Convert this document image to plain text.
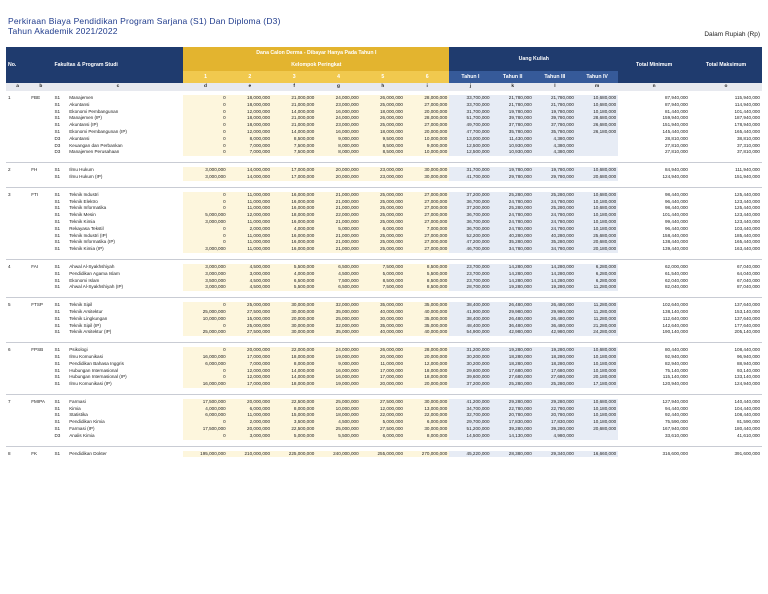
Perkiraan Biaya Pendidikan Program Sarjana (S1) Dan Diploma (D3)
Tahun Akademik 2021/2022	Dalam Rupiah (Rp)
No.		Fakultas & Program Studi		Dana Calon Derma - Dibayar Hanya Pada Tahun I						Uang Kuliah				Total Minimum	Total Maksimum
				Kelompok Peringkat											
				1	2	3	4	5	6	Tahun I	Tahun II	Tahun III	Tahun IV		
a	b	c		d	e	f	g	h	i	j	k	l	m	n	o

1	FBE	S1	Manajemen	0	18,000,000	21,000,000	24,000,000	26,000,000	28,000,000	33,700,000	21,780,000	21,780,000	10,680,000	87,940,000	115,940,000
		S1	Akuntansi	0	18,000,000	21,000,000	23,000,000	25,000,000	27,000,000	33,700,000	21,780,000	21,780,000	10,680,000	87,940,000	114,940,000
		S1	Ekonomi Pembangunan	0	12,000,000	14,000,000	16,000,000	18,000,000	20,000,000	31,700,000	19,780,000	19,780,000	10,180,000	81,440,000	101,440,000
		S1	Manajemen (IP)	0	18,000,000	21,000,000	24,000,000	26,000,000	28,000,000	51,700,000	39,780,000	39,780,000	28,680,000	159,940,000	187,940,000
		S1	Akuntansi (IP)	0	18,000,000	21,000,000	23,000,000	25,000,000	27,000,000	49,700,000	37,780,000	37,780,000	26,680,000	151,940,000	178,940,000
		S1	Ekonomi Pembangunan (IP)	0	12,000,000	14,000,000	16,000,000	18,000,000	20,000,000	47,700,000	35,780,000	35,780,000	26,180,000	145,440,000	165,440,000
		D3	Akuntansi	0	8,000,000	8,500,000	9,000,000	9,500,000	10,000,000	13,000,000	11,430,000	4,380,000		28,810,000	38,810,000
		D3	Keuangan dan Perbankan	0	7,000,000	7,500,000	8,000,000	8,500,000	9,000,000	12,500,000	10,930,000	4,380,000		27,810,000	37,310,000
		D3	Manajemen Perusahaan	0	7,000,000	7,500,000	8,000,000	8,500,000	10,000,000	12,500,000	10,930,000	4,380,000		27,810,000	37,810,000

2	FH	S1	Ilmu Hukum	3,000,000	14,000,000	17,000,000	20,000,000	23,000,000	30,000,000	31,700,000	19,780,000	19,780,000	10,680,000	84,940,000	111,940,000
		S1	Ilmu Hukum (IP)	3,000,000	14,000,000	17,000,000	20,000,000	23,000,000	30,000,000	41,700,000	29,780,000	29,780,000	20,680,000	124,940,000	151,940,000

3	FTI	S1	Teknik Industri	0	11,000,000	16,000,000	21,000,000	25,000,000	27,000,000	37,200,000	25,280,000	25,280,000	10,680,000	98,440,000	125,440,000
		S1	Teknik Elektro	0	11,000,000	16,000,000	21,000,000	25,000,000	27,000,000	36,700,000	24,780,000	24,780,000	10,180,000	96,440,000	123,440,000
		S1	Teknik Informatika	0	11,000,000	16,000,000	21,000,000	25,000,000	27,000,000	37,200,000	25,280,000	25,280,000	10,680,000	98,440,000	125,440,000
		S1	Teknik Mesin	5,000,000	12,000,000	18,000,000	22,000,000	25,000,000	27,000,000	36,700,000	24,780,000	24,780,000	10,180,000	101,440,000	123,440,000
		S1	Teknik Kimia	3,000,000	11,000,000	16,000,000	21,000,000	25,000,000	27,000,000	36,700,000	24,780,000	24,780,000	10,180,000	99,440,000	123,440,000
		S1	Rekayasa Tekstil	0	2,000,000	4,000,000	5,000,000	6,000,000	7,000,000	36,700,000	24,780,000	24,780,000	10,180,000	96,440,000	103,440,000
		S1	Teknik Industri (IP)	0	11,000,000	16,000,000	21,000,000	25,000,000	27,000,000	52,200,000	40,280,000	40,280,000	25,680,000	158,440,000	185,440,000
		S1	Teknik Informatika (IP)	0	11,000,000	16,000,000	21,000,000	25,000,000	27,000,000	47,200,000	35,280,000	35,280,000	20,680,000	138,440,000	165,440,000
		S1	Teknik Kimia (IP)	3,000,000	11,000,000	16,000,000	21,000,000	25,000,000	27,000,000	46,700,000	34,780,000	34,780,000	20,180,000	139,440,000	163,440,000

4	FAI	S1	Ahwal Al-Syakhshiyah	3,000,000	4,500,000	5,500,000	6,500,000	7,500,000	8,500,000	23,700,000	14,280,000	14,280,000	6,280,000	62,000,000	67,040,000
		S1	Pendidikan Agama Islam	3,000,000	3,000,000	4,000,000	4,500,000	5,000,000	5,500,000	23,700,000	14,280,000	14,280,000	6,280,000	61,540,000	64,040,000
		S1	Ekonomi Islam	3,500,000	4,500,000	6,500,000	7,500,000	8,500,000	8,500,000	23,700,000	14,280,000	14,280,000	6,280,000	62,040,000	67,040,000
		S1	Ahwal Al-Syakhshiyah (IP)	3,000,000	4,500,000	5,500,000	6,500,000	7,500,000	8,500,000	28,700,000	19,280,000	19,280,000	11,280,000	82,040,000	87,040,000

5	FTSP	S1	Teknik Sipil	0	25,000,000	30,000,000	32,000,000	35,000,000	35,000,000	38,400,000	26,480,000	26,480,000	11,280,000	102,640,000	137,640,000
		S1	Teknik Arsitektur	25,000,000	27,500,000	30,000,000	35,000,000	40,000,000	40,000,000	41,900,000	29,980,000	29,980,000	11,280,000	138,140,000	153,140,000
		S1	Teknik Lingkungan	10,000,000	15,000,000	20,000,000	25,000,000	30,000,000	35,000,000	38,400,000	26,480,000	26,480,000	11,280,000	112,640,000	137,640,000
		S1	Teknik Sipil (IP)	0	25,000,000	30,000,000	32,000,000	35,000,000	35,000,000	48,400,000	36,480,000	36,480,000	21,280,000	142,640,000	177,640,000
		S1	Teknik Arsitektur (IP)	25,000,000	27,500,000	30,000,000	35,000,000	40,000,000	40,000,000	54,900,000	42,980,000	42,980,000	24,280,000	190,140,000	205,140,000

6	FPSB	S1	Psikologi	0	20,000,000	22,000,000	24,000,000	26,000,000	28,000,000	31,200,000	19,280,000	19,280,000	10,680,000	80,440,000	108,440,000
		S1	Ilmu Komunikasi	16,000,000	17,000,000	18,000,000	19,000,000	20,000,000	20,000,000	30,200,000	18,280,000	18,280,000	10,180,000	92,940,000	96,940,000
		S1	Pendidikan Bahasa Inggris	6,000,000	7,000,000	8,000,000	9,000,000	11,000,000	12,000,000	30,200,000	18,280,000	18,280,000	10,180,000	82,940,000	88,940,000
		S1	Hubungan Internasional	0	12,000,000	14,000,000	16,000,000	17,000,000	18,000,000	29,600,000	17,680,000	17,680,000	10,180,000	75,140,000	93,140,000
		S1	Hubungan Internasional (IP)	0	12,000,000	14,000,000	16,000,000	17,000,000	18,000,000	39,600,000	27,680,000	27,680,000	20,180,000	115,140,000	133,140,000
		S1	Ilmu Komunikasi (IP)	16,000,000	17,000,000	18,000,000	19,000,000	20,000,000	20,000,000	37,200,000	25,280,000	25,280,000	17,180,000	120,940,000	124,940,000

7	FMIPA	S1	Farmasi	17,500,000	20,000,000	22,500,000	25,000,000	27,500,000	30,000,000	41,200,000	29,280,000	29,280,000	10,680,000	127,940,000	140,440,000
		S1	Kimia	4,000,000	6,000,000	8,000,000	10,000,000	12,000,000	13,000,000	34,700,000	22,780,000	22,780,000	10,180,000	94,440,000	104,440,000
		S1	Statistika	6,000,000	11,000,000	15,000,000	18,000,000	22,000,000	22,000,000	32,700,000	20,780,000	20,780,000	10,180,000	92,440,000	108,440,000
		S1	Pendidikan Kimia	0	2,000,000	3,500,000	4,500,000	5,000,000	6,000,000	29,700,000	17,830,000	17,830,000	10,180,000	75,590,000	81,590,000
		S1	Farmasi (IP)	17,500,000	20,000,000	22,500,000	25,000,000	27,500,000	30,000,000	51,200,000	39,280,000	39,280,000	20,680,000	167,940,000	180,440,000
		D3	Analis Kimia	0	3,000,000	5,000,000	5,500,000	6,000,000	8,000,000	14,500,000	14,130,000	4,980,000		33,610,000	41,610,000

8	FK	S1	Pendidikan Dokter	195,000,000	210,000,000	225,000,000	240,000,000	255,000,000	270,000,000	45,220,000	28,380,000	29,340,000	16,660,000	316,600,000	391,600,000
